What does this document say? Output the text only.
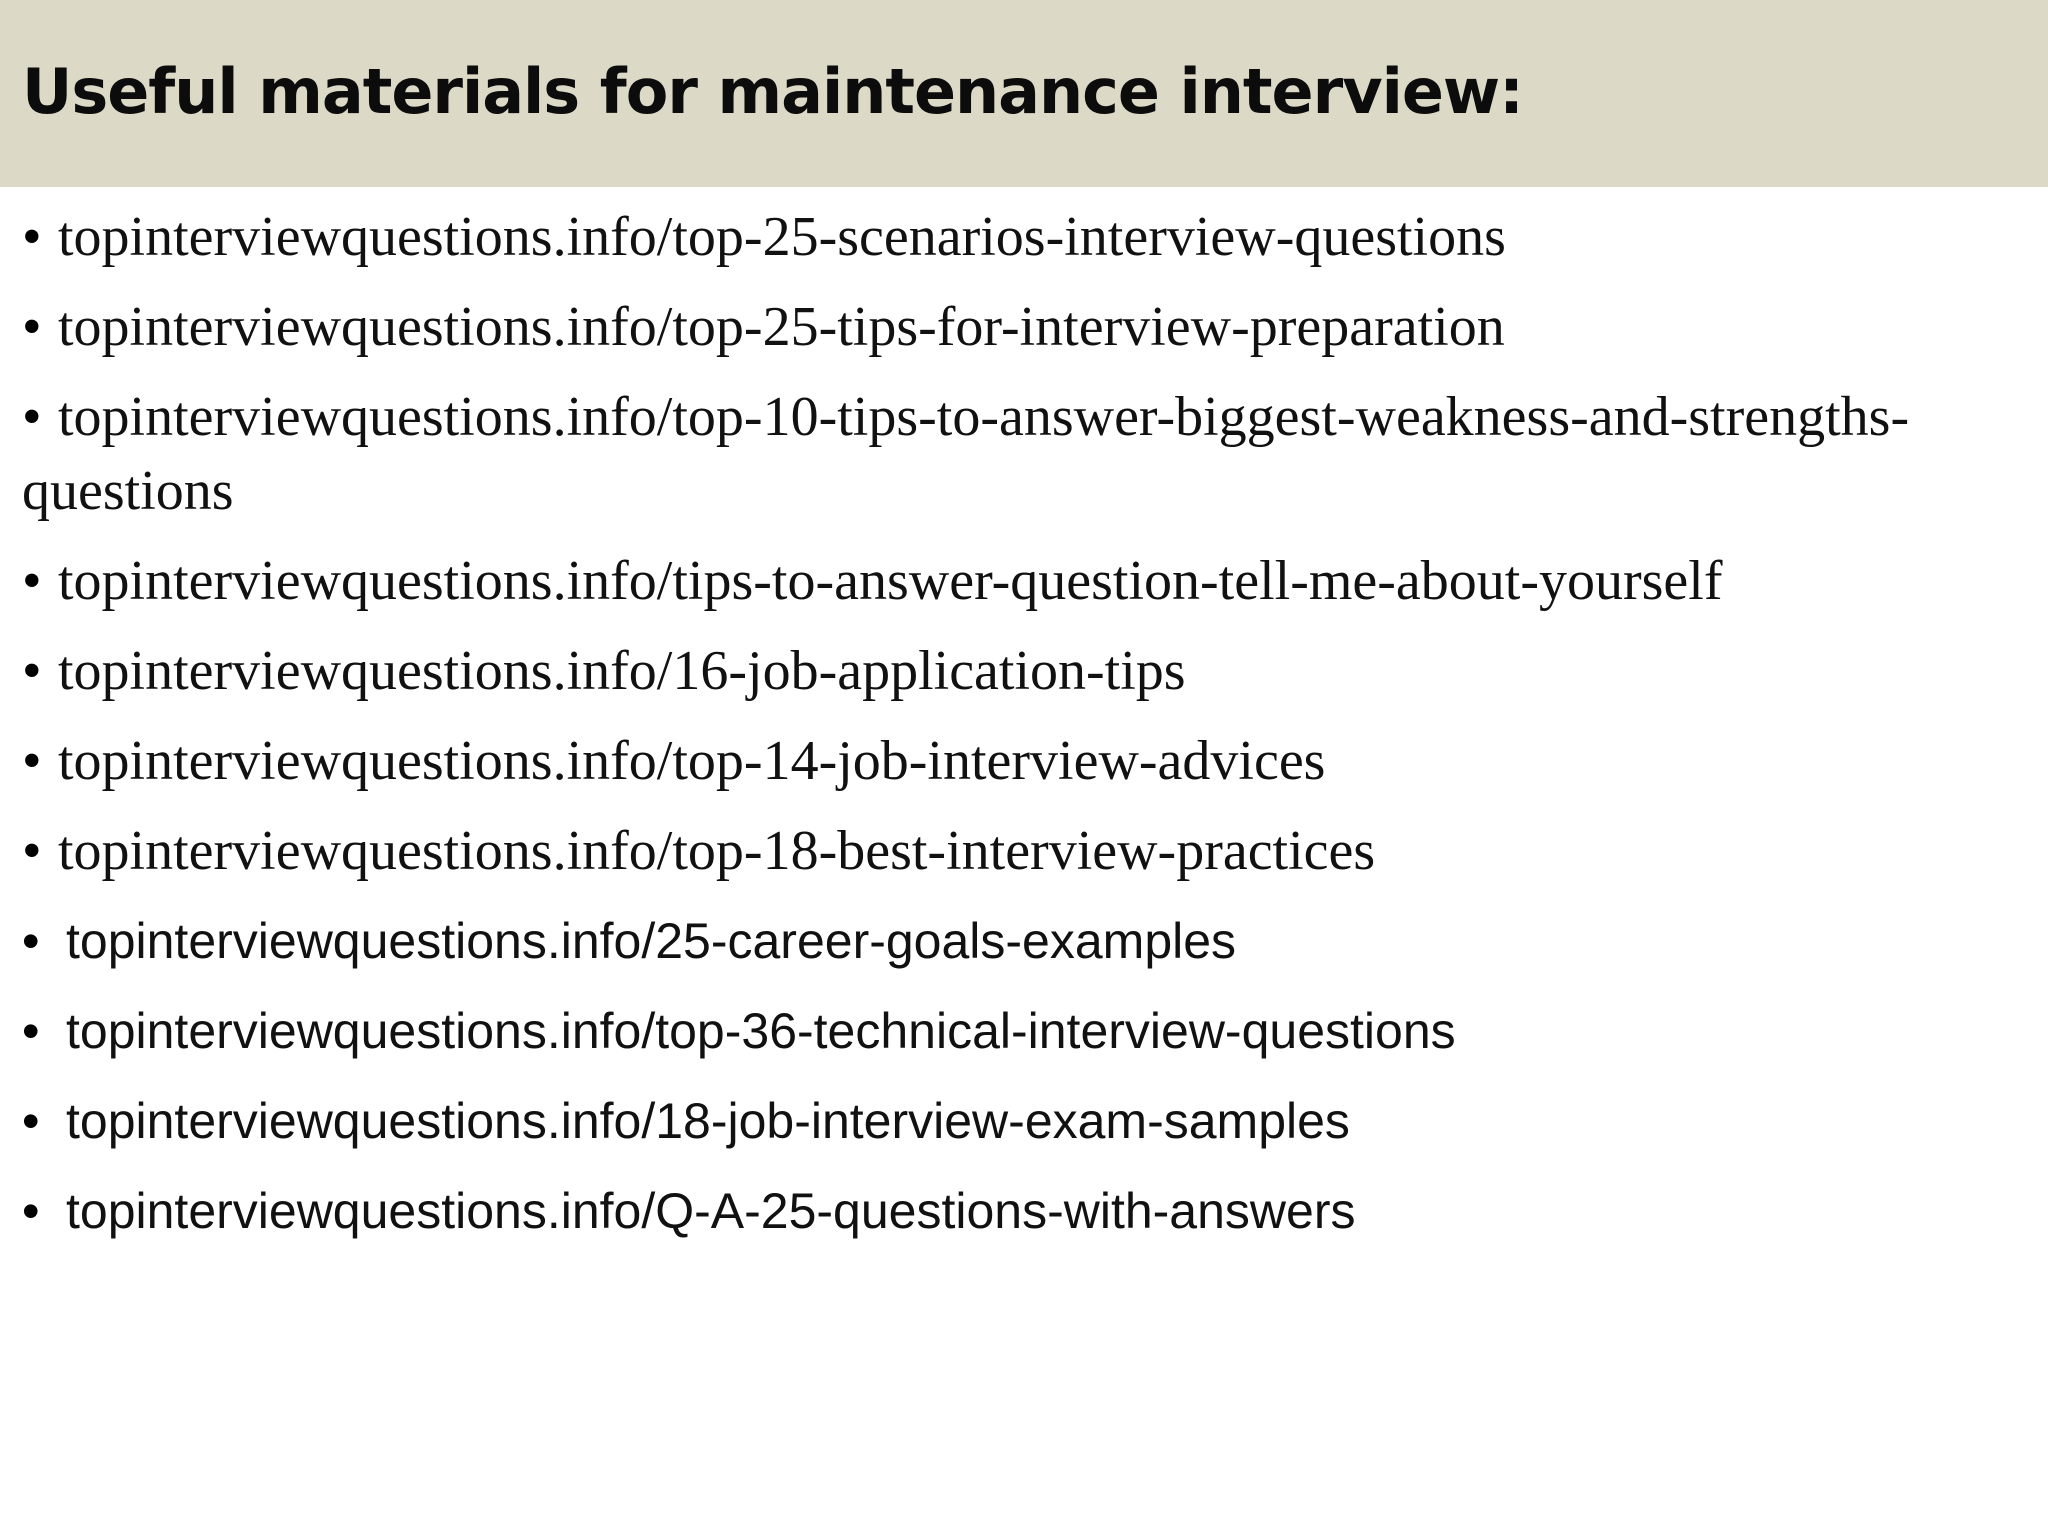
Useful materials for maintenance interview:
• topinterviewquestions.info/top-25-scenarios-interview-questions
• topinterviewquestions.info/top-25-tips-for-interview-preparation
• topinterviewquestions.info/top-10-tips-to-answer-biggest-weakness-and-strengths-questions
• topinterviewquestions.info/tips-to-answer-question-tell-me-about-yourself
• topinterviewquestions.info/16-job-application-tips
• topinterviewquestions.info/top-14-job-interview-advices
• topinterviewquestions.info/top-18-best-interview-practices
• topinterviewquestions.info/25-career-goals-examples
• topinterviewquestions.info/top-36-technical-interview-questions
• topinterviewquestions.info/18-job-interview-exam-samples
• topinterviewquestions.info/Q-A-25-questions-with-answers
